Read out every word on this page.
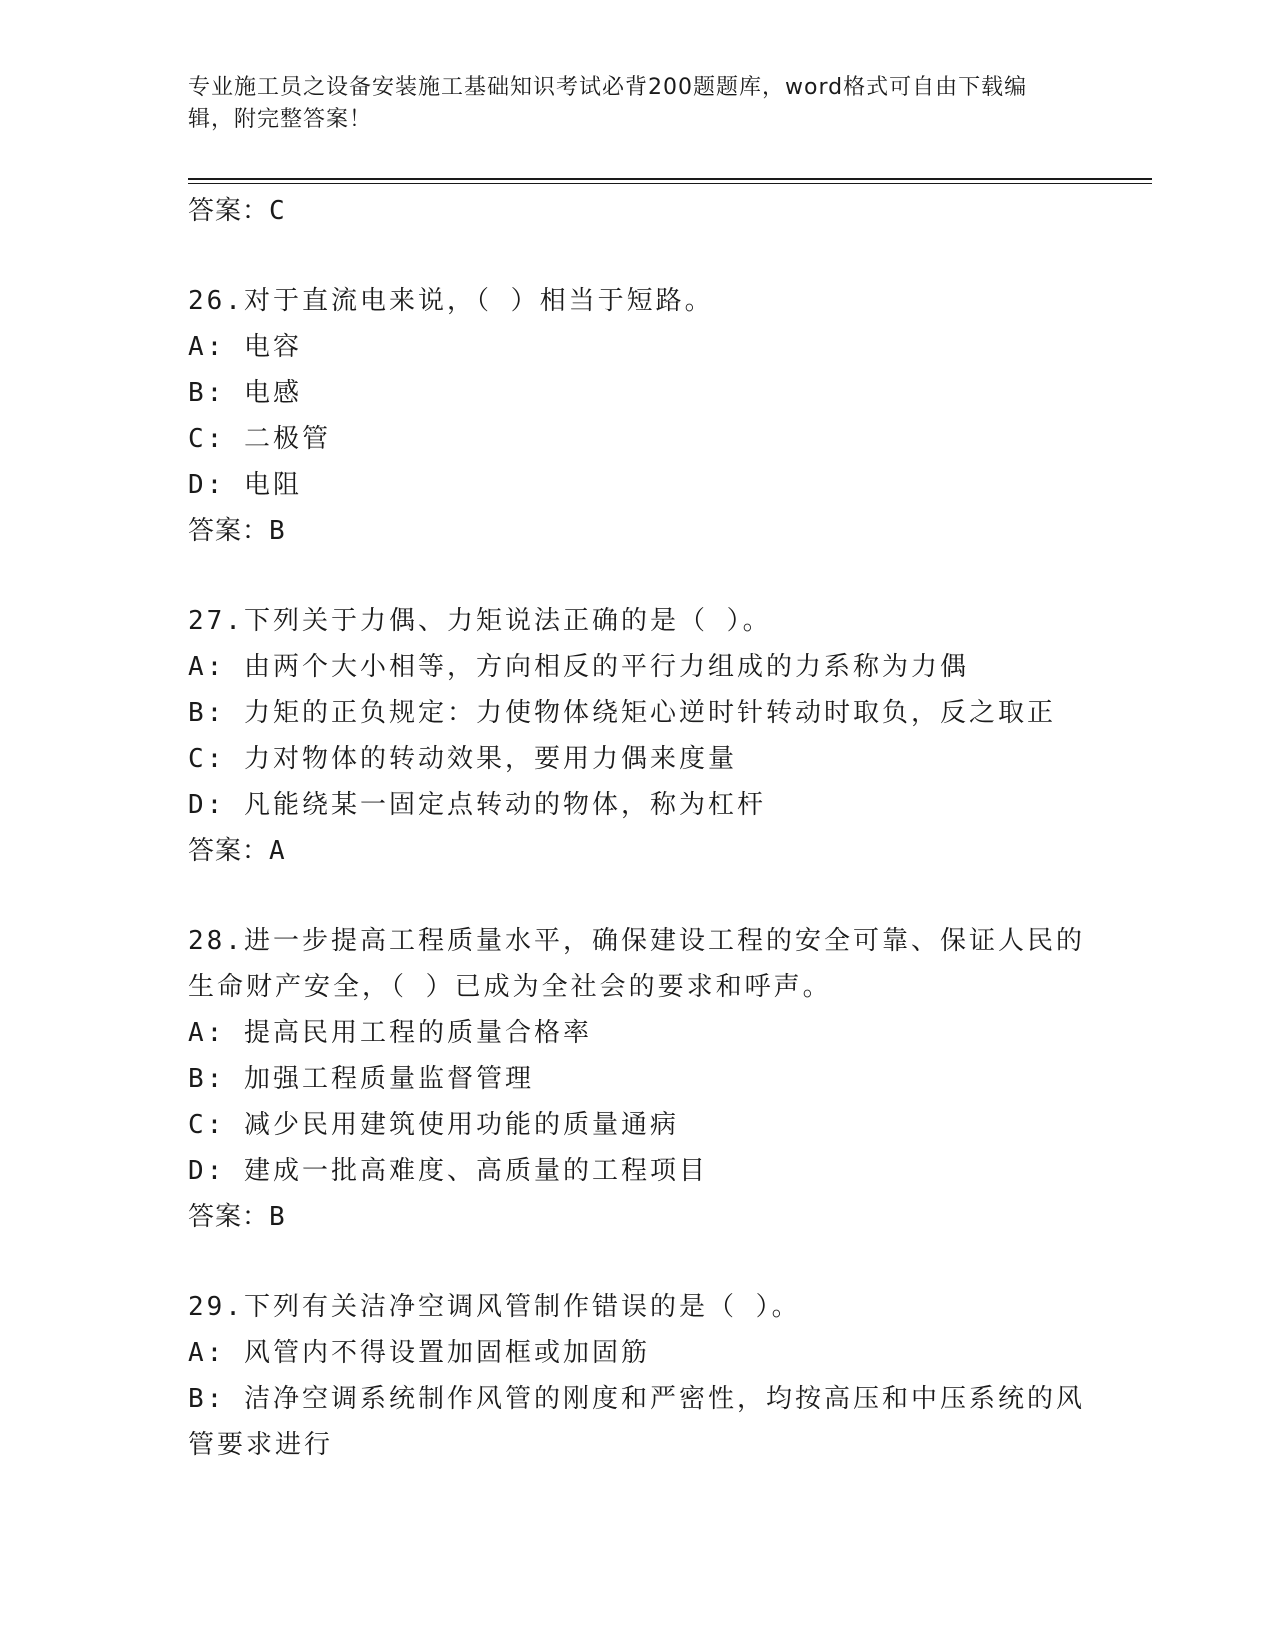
专业施工员之设备安装施工基础知识考试必背200题题库，word格式可自由下载编辑，附完整答案！
答案：C
26.对于直流电来说，（ ）相当于短路。
A: 电容
B: 电感
C: 二极管
D: 电阻
答案：B
27.下列关于力偶、力矩说法正确的是（ ）。
A: 由两个大小相等，方向相反的平行力组成的力系称为力偶
B: 力矩的正负规定：力使物体绕矩心逆时针转动时取负，反之取正
C: 力对物体的转动效果，要用力偶来度量
D: 凡能绕某一固定点转动的物体，称为杠杆
答案：A
28.进一步提高工程质量水平，确保建设工程的安全可靠、保证人民的
生命财产安全，（ ）已成为全社会的要求和呼声。
A: 提高民用工程的质量合格率
B: 加强工程质量监督管理
C: 减少民用建筑使用功能的质量通病
D: 建成一批高难度、高质量的工程项目
答案：B
29.下列有关洁净空调风管制作错误的是（ ）。
A: 风管内不得设置加固框或加固筋
B: 洁净空调系统制作风管的刚度和严密性，均按高压和中压系统的风
管要求进行
